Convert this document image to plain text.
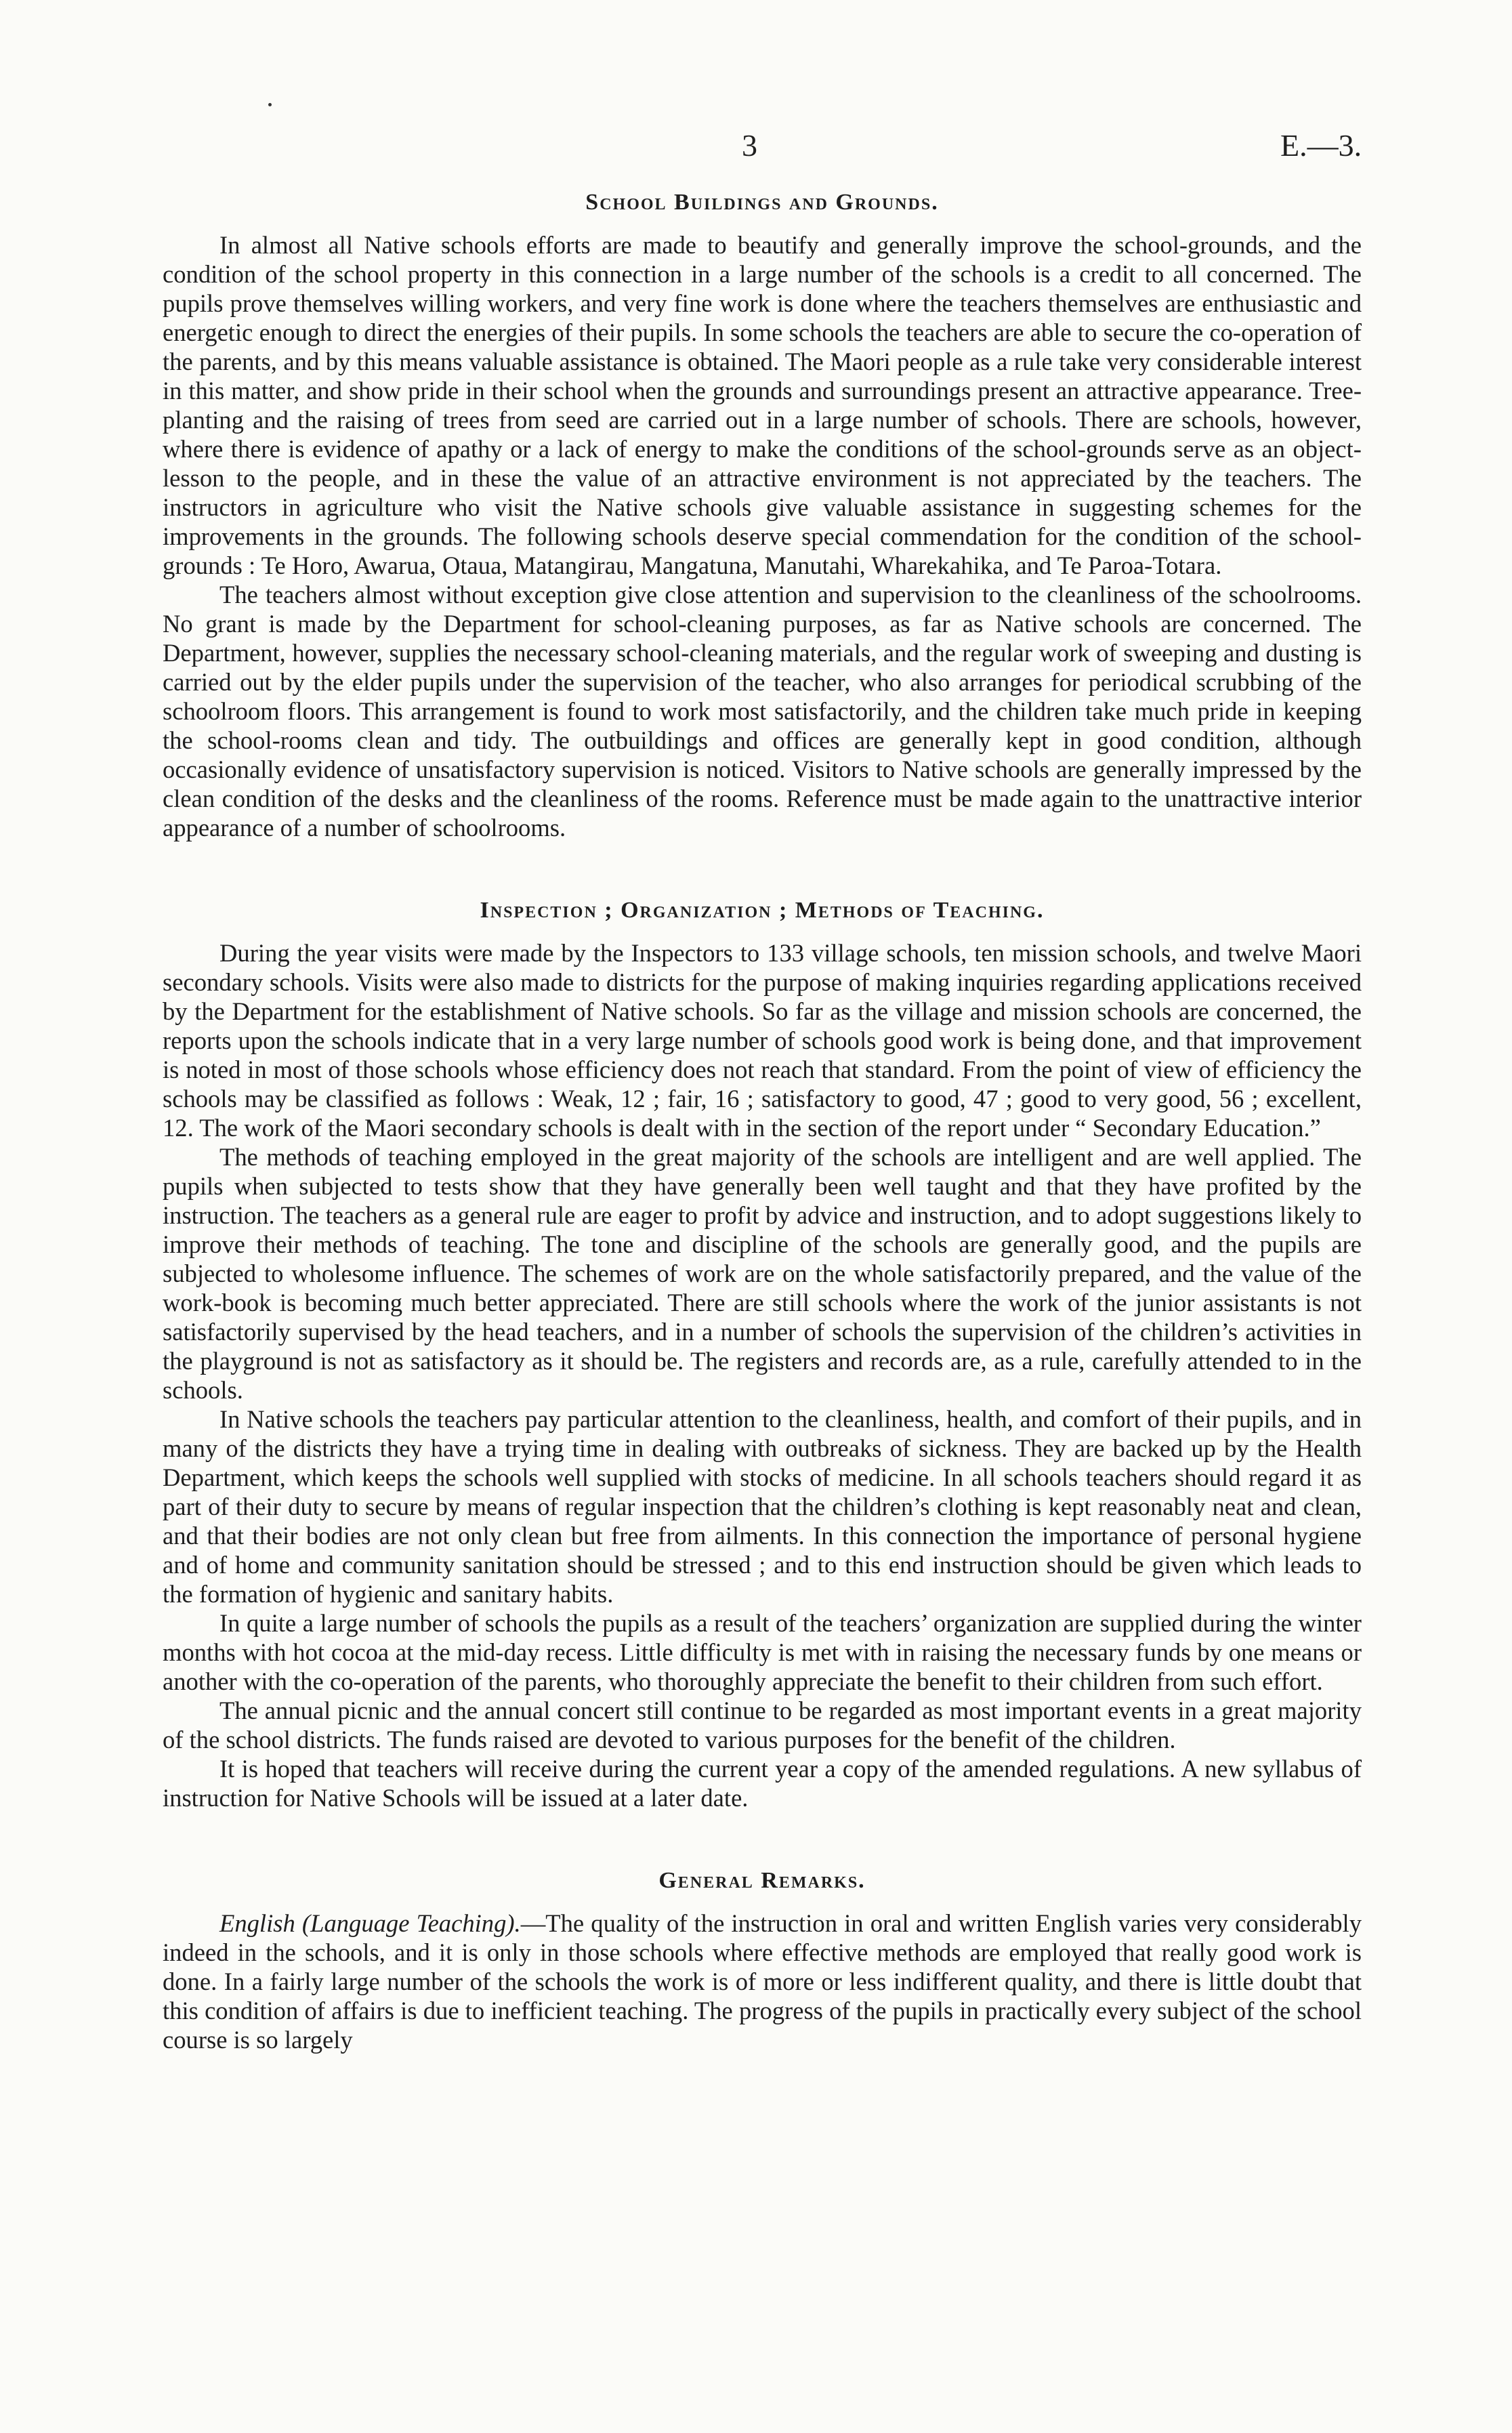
3	E.—3.
School Buildings and Grounds.

In almost all Native schools efforts are made to beautify and generally improve the school-grounds, and the condition of the school property in this connection in a large number of the schools is a credit to all concerned. The pupils prove themselves willing workers, and very fine work is done where the teachers themselves are enthusiastic and energetic enough to direct the energies of their pupils. In some schools the teachers are able to secure the co-operation of the parents, and by this means valuable assistance is obtained. The Maori people as a rule take very considerable interest in this matter, and show pride in their school when the grounds and surroundings present an attractive appearance. Tree-planting and the raising of trees from seed are carried out in a large number of schools. There are schools, however, where there is evidence of apathy or a lack of energy to make the conditions of the school-grounds serve as an object-lesson to the people, and in these the value of an attractive environment is not appreciated by the teachers. The instructors in agriculture who visit the Native schools give valuable assistance in suggesting schemes for the improvements in the grounds. The following schools deserve special commendation for the condition of the school-grounds : Te Horo, Awarua, Otaua, Matangirau, Mangatuna, Manutahi, Wharekahika, and Te Paroa-Totara.

The teachers almost without exception give close attention and supervision to the cleanliness of the schoolrooms. No grant is made by the Department for school-cleaning purposes, as far as Native schools are concerned. The Department, however, supplies the necessary school-cleaning materials, and the regular work of sweeping and dusting is carried out by the elder pupils under the supervision of the teacher, who also arranges for periodical scrubbing of the schoolroom floors. This arrangement is found to work most satisfactorily, and the children take much pride in keeping the school-rooms clean and tidy. The outbuildings and offices are generally kept in good condition, although occasionally evidence of unsatisfactory supervision is noticed. Visitors to Native schools are generally impressed by the clean condition of the desks and the cleanliness of the rooms. Reference must be made again to the unattractive interior appearance of a number of schoolrooms.

Inspection ; Organization ; Methods of Teaching.

During the year visits were made by the Inspectors to 133 village schools, ten mission schools, and twelve Maori secondary schools. Visits were also made to districts for the purpose of making inquiries regarding applications received by the Department for the establishment of Native schools. So far as the village and mission schools are concerned, the reports upon the schools indicate that in a very large number of schools good work is being done, and that improvement is noted in most of those schools whose efficiency does not reach that standard. From the point of view of efficiency the schools may be classified as follows : Weak, 12 ; fair, 16 ; satisfactory to good, 47 ; good to very good, 56 ; excellent, 12. The work of the Maori secondary schools is dealt with in the section of the report under “ Secondary Education.”

The methods of teaching employed in the great majority of the schools are intelligent and are well applied. The pupils when subjected to tests show that they have generally been well taught and that they have profited by the instruction. The teachers as a general rule are eager to profit by advice and instruction, and to adopt suggestions likely to improve their methods of teaching. The tone and discipline of the schools are generally good, and the pupils are subjected to wholesome influence. The schemes of work are on the whole satisfactorily prepared, and the value of the work-book is becoming much better appreciated. There are still schools where the work of the junior assistants is not satisfactorily supervised by the head teachers, and in a number of schools the supervision of the children’s activities in the playground is not as satisfactory as it should be. The registers and records are, as a rule, carefully attended to in the schools.

In Native schools the teachers pay particular attention to the cleanliness, health, and comfort of their pupils, and in many of the districts they have a trying time in dealing with outbreaks of sickness. They are backed up by the Health Department, which keeps the schools well supplied with stocks of medicine. In all schools teachers should regard it as part of their duty to secure by means of regular inspection that the children’s clothing is kept reasonably neat and clean, and that their bodies are not only clean but free from ailments. In this connection the importance of personal hygiene and of home and community sanitation should be stressed ; and to this end instruction should be given which leads to the formation of hygienic and sanitary habits.

In quite a large number of schools the pupils as a result of the teachers’ organization are supplied during the winter months with hot cocoa at the mid-day recess. Little difficulty is met with in raising the necessary funds by one means or another with the co-operation of the parents, who thoroughly appreciate the benefit to their children from such effort.

The annual picnic and the annual concert still continue to be regarded as most important events in a great majority of the school districts. The funds raised are devoted to various purposes for the benefit of the children.

It is hoped that teachers will receive during the current year a copy of the amended regulations. A new syllabus of instruction for Native Schools will be issued at a later date.

General Remarks.

English (Language Teaching).—The quality of the instruction in oral and written English varies very considerably indeed in the schools, and it is only in those schools where effective methods are employed that really good work is done. In a fairly large number of the schools the work is of more or less indifferent quality, and there is little doubt that this condition of affairs is due to inefficient teaching. The progress of the pupils in practically every subject of the school course is so largely
